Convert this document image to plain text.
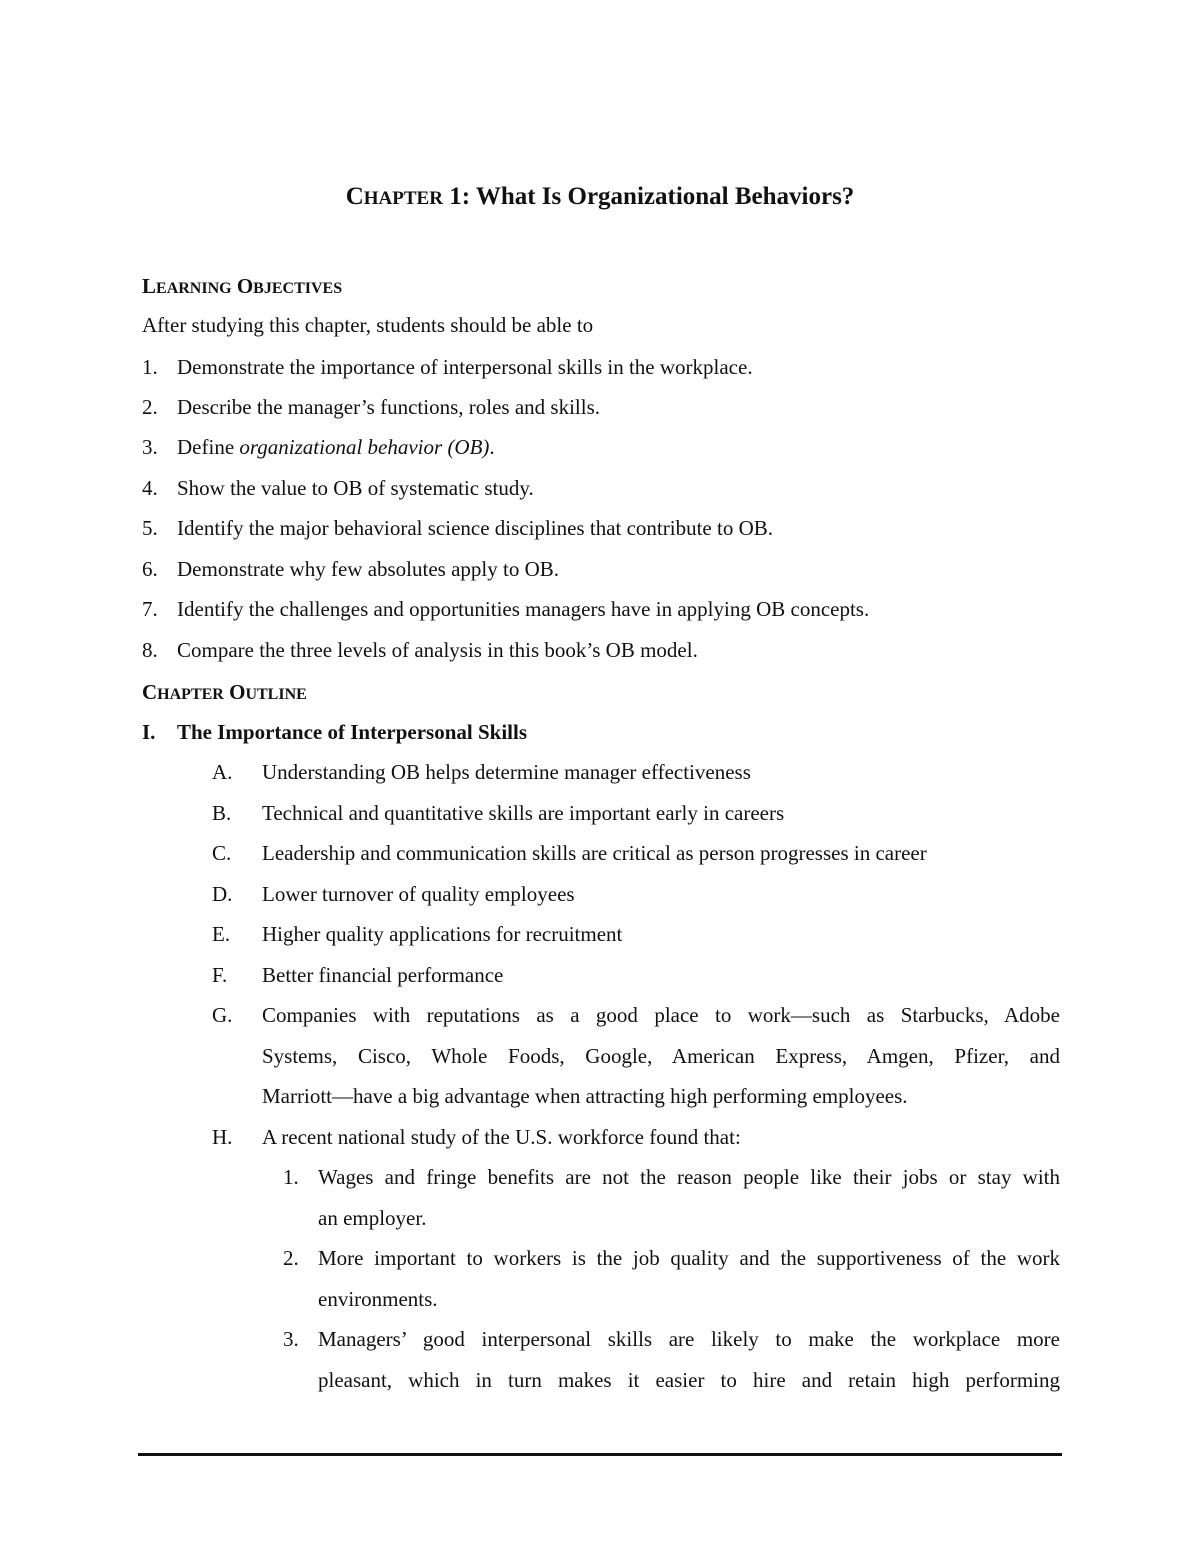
CHAPTER 1: What Is Organizational Behaviors?
LEARNING OBJECTIVES
After studying this chapter, students should be able to
1. Demonstrate the importance of interpersonal skills in the workplace.
2. Describe the manager’s functions, roles and skills.
3. Define organizational behavior (OB).
4. Show the value to OB of systematic study.
5. Identify the major behavioral science disciplines that contribute to OB.
6. Demonstrate why few absolutes apply to OB.
7. Identify the challenges and opportunities managers have in applying OB concepts.
8. Compare the three levels of analysis in this book’s OB model.
CHAPTER OUTLINE
I.	The Importance of Interpersonal Skills
A. Understanding OB helps determine manager effectiveness
B. Technical and quantitative skills are important early in careers
C. Leadership and communication skills are critical as person progresses in career
D. Lower turnover of quality employees
E. Higher quality applications for recruitment
F. Better financial performance
G. Companies with reputations as a good place to work—such as Starbucks, Adobe
Systems, Cisco, Whole Foods, Google, American Express, Amgen, Pfizer, and
Marriott—have a big advantage when attracting high performing employees.
H. A recent national study of the U.S. workforce found that:
1. Wages and fringe benefits are not the reason people like their jobs or stay with
an employer.
2. More important to workers is the job quality and the supportiveness of the work
environments.
3. Managers’ good interpersonal skills are likely to make the workplace more
pleasant, which in turn makes it easier to hire and retain high performing
